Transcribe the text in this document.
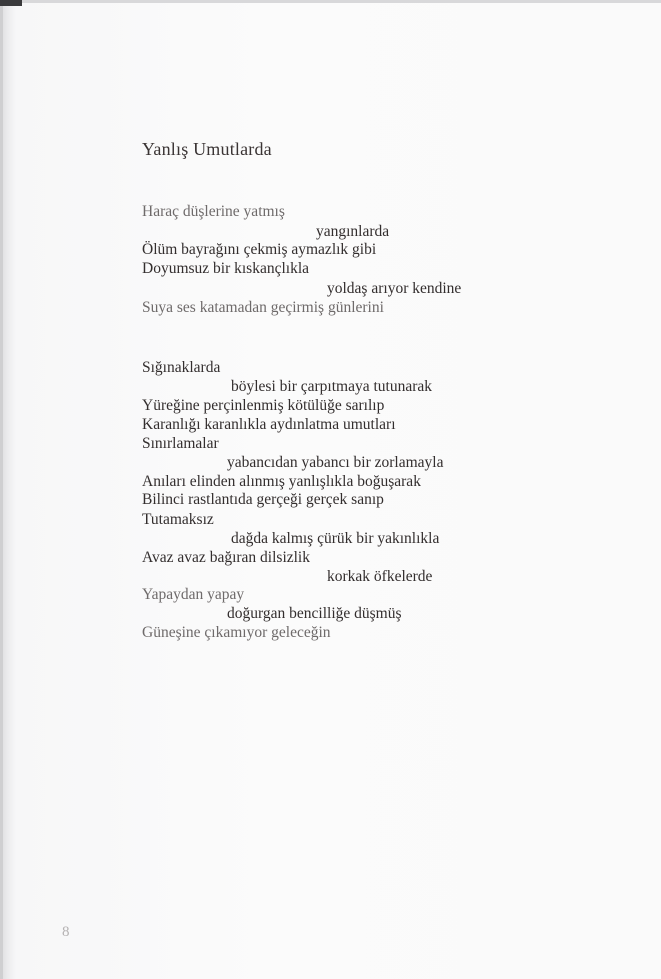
Yanlış Umutlarda
Haraç düşlerine yatmış
yangınlarda
Ölüm bayrağını çekmiş aymazlık gibi
Doyumsuz bir kıskançlıkla
yoldaş arıyor kendine
Suya ses katamadan geçirmiş günlerini
Sığınaklarda
böylesi bir çarpıtmaya tutunarak
Yüreğine perçinlenmiş kötülüğe sarılıp
Karanlığı karanlıkla aydınlatma umutları
Sınırlamalar
yabancıdan yabancı bir zorlamayla
Anıları elinden alınmış yanlışlıkla boğuşarak
Bilinci rastlantıda gerçeği gerçek sanıp
Tutamaksız
dağda kalmış çürük bir yakınlıkla
Avaz avaz bağıran dilsizlik
korkak öfkelerde
Yapaydan yapay
doğurgan bencilliğe düşmüş
Güneşine çıkamıyor geleceğin
8
